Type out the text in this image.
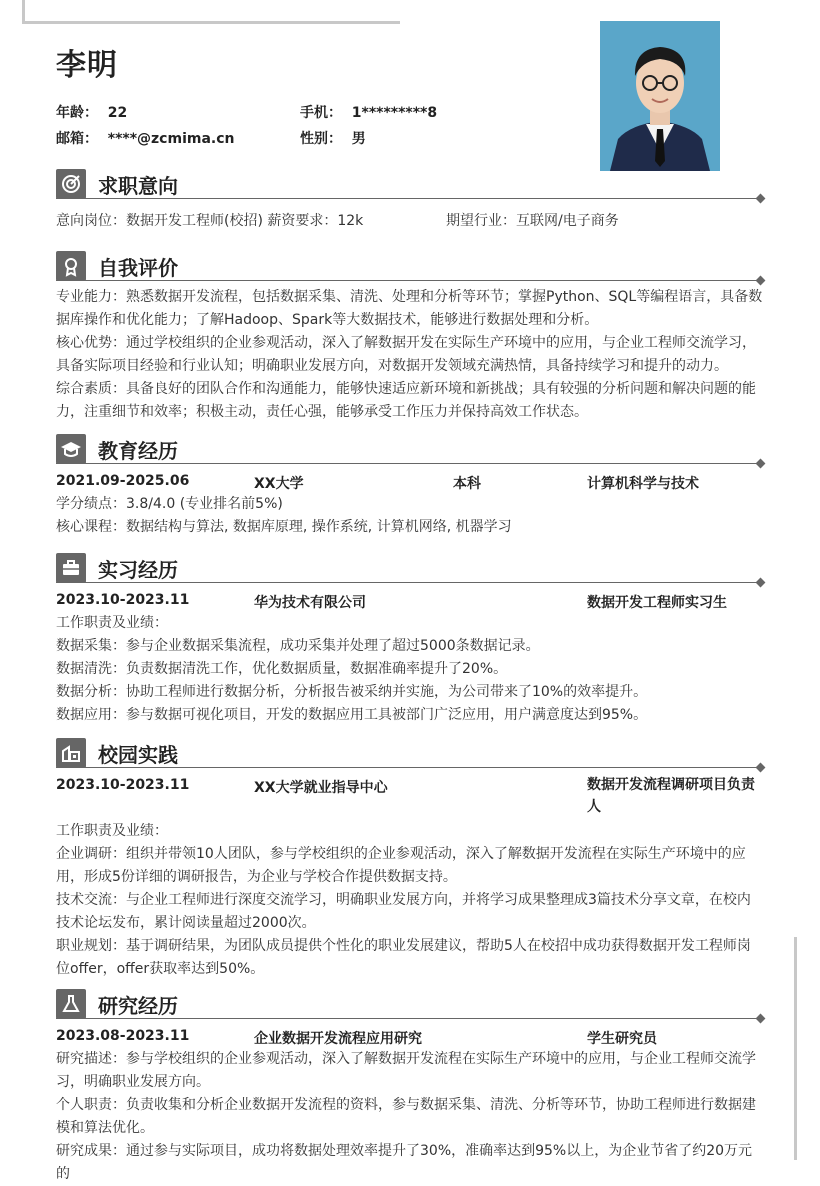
李明
年龄： 22	手机： 1*********8
邮箱： ****@zcmima.cn	性别： 男
求职意向
意向岗位：数据开发工程师(校招) 薪资要求：12k	期望行业：互联网/电子商务
自我评价
专业能力：熟悉数据开发流程，包括数据采集、清洗、处理和分析等环节；掌握Python、SQL等编程语言，具备数据库操作和优化能力；了解Hadoop、Spark等大数据技术，能够进行数据处理和分析。
核心优势：通过学校组织的企业参观活动，深入了解数据开发在实际生产环境中的应用，与企业工程师交流学习，具备实际项目经验和行业认知；明确职业发展方向，对数据开发领域充满热情，具备持续学习和提升的动力。
综合素质：具备良好的团队合作和沟通能力，能够快速适应新环境和新挑战；具有较强的分析问题和解决问题的能力，注重细节和效率；积极主动，责任心强，能够承受工作压力并保持高效工作状态。
教育经历
2021.09-2025.06	XX大学	本科	计算机科学与技术
学分绩点：3.8/4.0 (专业排名前5%)
核心课程：数据结构与算法, 数据库原理, 操作系统, 计算机网络, 机器学习
实习经历
2023.10-2023.11	华为技术有限公司	数据开发工程师实习生
工作职责及业绩：
数据采集：参与企业数据采集流程，成功采集并处理了超过5000条数据记录。
数据清洗：负责数据清洗工作，优化数据质量，数据准确率提升了20%。
数据分析：协助工程师进行数据分析，分析报告被采纳并实施，为公司带来了10%的效率提升。
数据应用：参与数据可视化项目，开发的数据应用工具被部门广泛应用，用户满意度达到95%。
校园实践
2023.10-2023.11	XX大学就业指导中心	数据开发流程调研项目负责人
工作职责及业绩：
企业调研：组织并带领10人团队，参与学校组织的企业参观活动，深入了解数据开发流程在实际生产环境中的应用，形成5份详细的调研报告，为企业与学校合作提供数据支持。
技术交流：与企业工程师进行深度交流学习，明确职业发展方向，并将学习成果整理成3篇技术分享文章，在校内技术论坛发布，累计阅读量超过2000次。
职业规划：基于调研结果，为团队成员提供个性化的职业发展建议，帮助5人在校招中成功获得数据开发工程师岗位offer，offer获取率达到50%。
研究经历
2023.08-2023.11	企业数据开发流程应用研究	学生研究员
研究描述：参与学校组织的企业参观活动，深入了解数据开发流程在实际生产环境中的应用，与企业工程师交流学习，明确职业发展方向。
个人职责：负责收集和分析企业数据开发流程的资料，参与数据采集、清洗、分析等环节，协助工程师进行数据建模和算法优化。
研究成果：通过参与实际项目，成功将数据处理效率提升了30%，准确率达到95%以上，为企业节省了约20万元的
